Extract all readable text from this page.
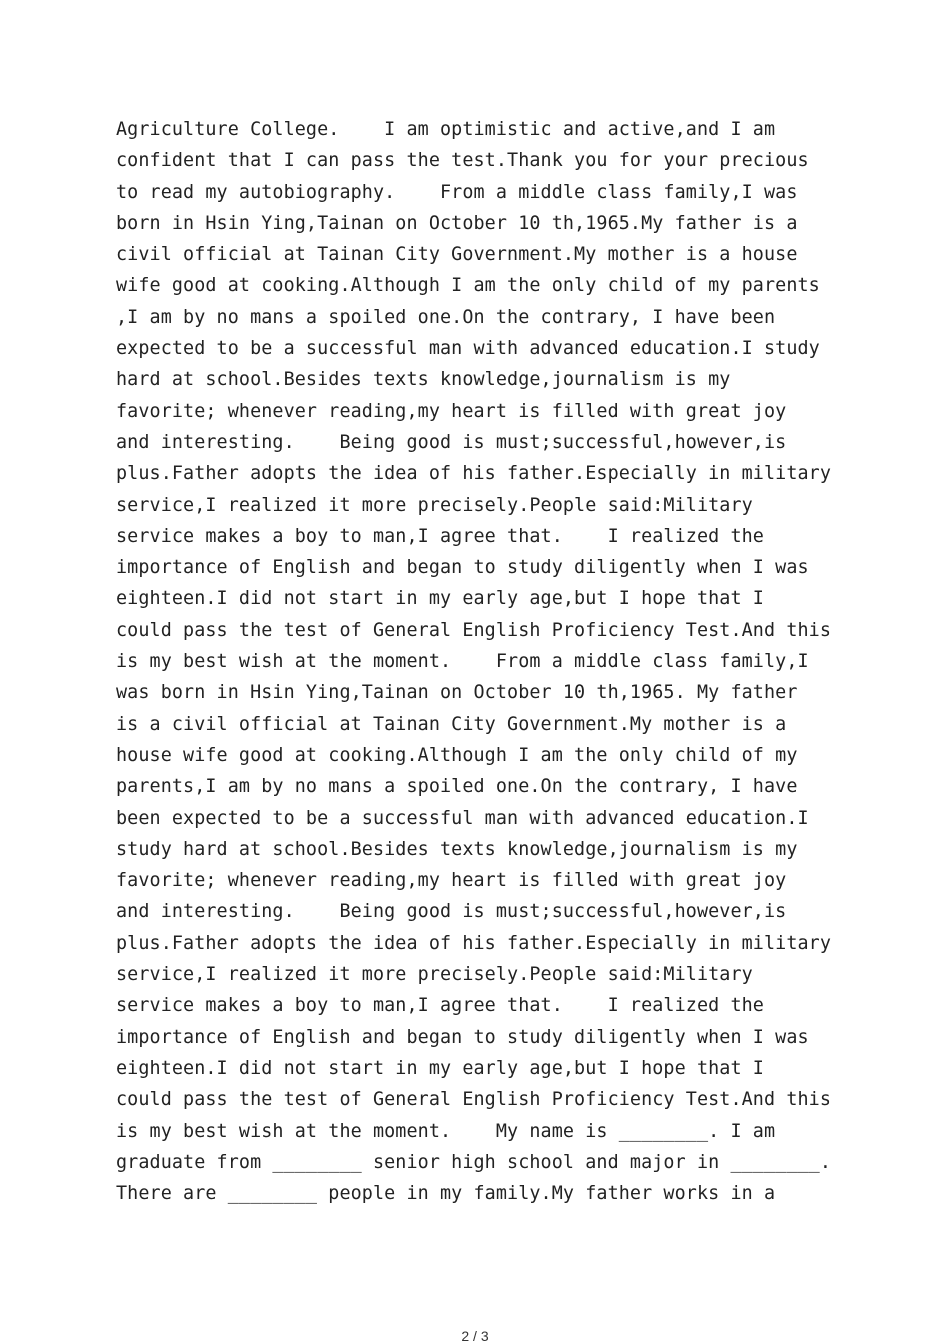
Agriculture College.    I am optimistic and active,and I am
confident that I can pass the test.Thank you for your precious
to read my autobiography.    From a middle class family,I was
born in Hsin Ying,Tainan on October 10 th,1965.My father is a
civil official at Tainan City Government.My mother is a house
wife good at cooking.Although I am the only child of my parents
,I am by no mans a spoiled one.On the contrary, I have been
expected to be a successful man with advanced education.I study
hard at school.Besides texts knowledge,journalism is my
favorite; whenever reading,my heart is filled with great joy
and interesting.    Being good is must;successful,however,is
plus.Father adopts the idea of his father.Especially in military
service,I realized it more precisely.People said:Military
service makes a boy to man,I agree that.    I realized the
importance of English and began to study diligently when I was
eighteen.I did not start in my early age,but I hope that I
could pass the test of General English Proficiency Test.And this
is my best wish at the moment.    From a middle class family,I
was born in Hsin Ying,Tainan on October 10 th,1965. My father
is a civil official at Tainan City Government.My mother is a
house wife good at cooking.Although I am the only child of my
parents,I am by no mans a spoiled one.On the contrary, I have
been expected to be a successful man with advanced education.I
study hard at school.Besides texts knowledge,journalism is my
favorite; whenever reading,my heart is filled with great joy
and interesting.    Being good is must;successful,however,is
plus.Father adopts the idea of his father.Especially in military
service,I realized it more precisely.People said:Military
service makes a boy to man,I agree that.    I realized the
importance of English and began to study diligently when I was
eighteen.I did not start in my early age,but I hope that I
could pass the test of General English Proficiency Test.And this
is my best wish at the moment.    My name is ________. I am
graduate from ________ senior high school and major in ________.
There are ________ people in my family.My father works in a
2 / 3
